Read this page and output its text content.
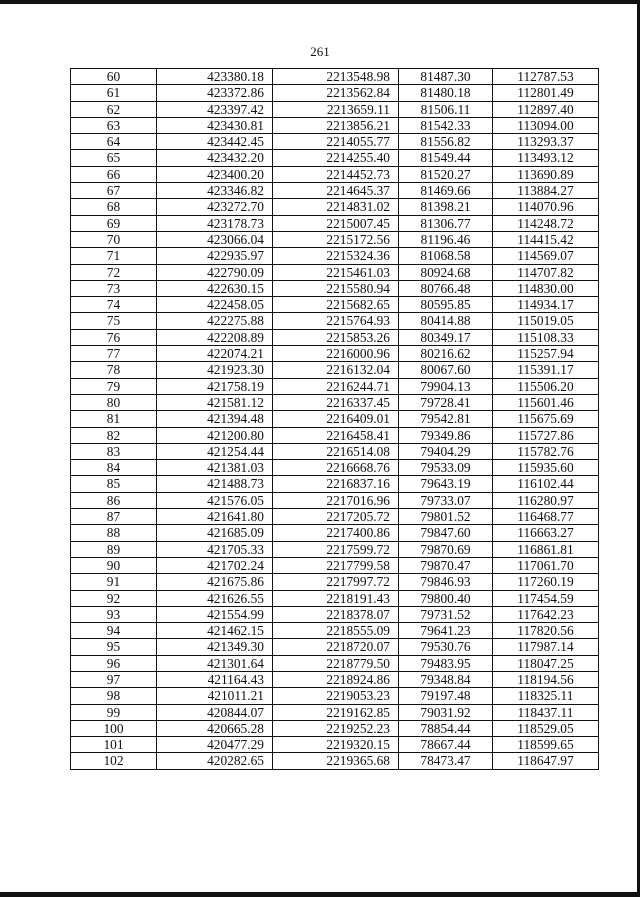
261
60	423380.18	2213548.98	81487.30	112787.53
61	423372.86	2213562.84	81480.18	112801.49
62	423397.42	2213659.11	81506.11	112897.40
63	423430.81	2213856.21	81542.33	113094.00
64	423442.45	2214055.77	81556.82	113293.37
65	423432.20	2214255.40	81549.44	113493.12
66	423400.20	2214452.73	81520.27	113690.89
67	423346.82	2214645.37	81469.66	113884.27
68	423272.70	2214831.02	81398.21	114070.96
69	423178.73	2215007.45	81306.77	114248.72
70	423066.04	2215172.56	81196.46	114415.42
71	422935.97	2215324.36	81068.58	114569.07
72	422790.09	2215461.03	80924.68	114707.82
73	422630.15	2215580.94	80766.48	114830.00
74	422458.05	2215682.65	80595.85	114934.17
75	422275.88	2215764.93	80414.88	115019.05
76	422208.89	2215853.26	80349.17	115108.33
77	422074.21	2216000.96	80216.62	115257.94
78	421923.30	2216132.04	80067.60	115391.17
79	421758.19	2216244.71	79904.13	115506.20
80	421581.12	2216337.45	79728.41	115601.46
81	421394.48	2216409.01	79542.81	115675.69
82	421200.80	2216458.41	79349.86	115727.86
83	421254.44	2216514.08	79404.29	115782.76
84	421381.03	2216668.76	79533.09	115935.60
85	421488.73	2216837.16	79643.19	116102.44
86	421576.05	2217016.96	79733.07	116280.97
87	421641.80	2217205.72	79801.52	116468.77
88	421685.09	2217400.86	79847.60	116663.27
89	421705.33	2217599.72	79870.69	116861.81
90	421702.24	2217799.58	79870.47	117061.70
91	421675.86	2217997.72	79846.93	117260.19
92	421626.55	2218191.43	79800.40	117454.59
93	421554.99	2218378.07	79731.52	117642.23
94	421462.15	2218555.09	79641.23	117820.56
95	421349.30	2218720.07	79530.76	117987.14
96	421301.64	2218779.50	79483.95	118047.25
97	421164.43	2218924.86	79348.84	118194.56
98	421011.21	2219053.23	79197.48	118325.11
99	420844.07	2219162.85	79031.92	118437.11
100	420665.28	2219252.23	78854.44	118529.05
101	420477.29	2219320.15	78667.44	118599.65
102	420282.65	2219365.68	78473.47	118647.97
